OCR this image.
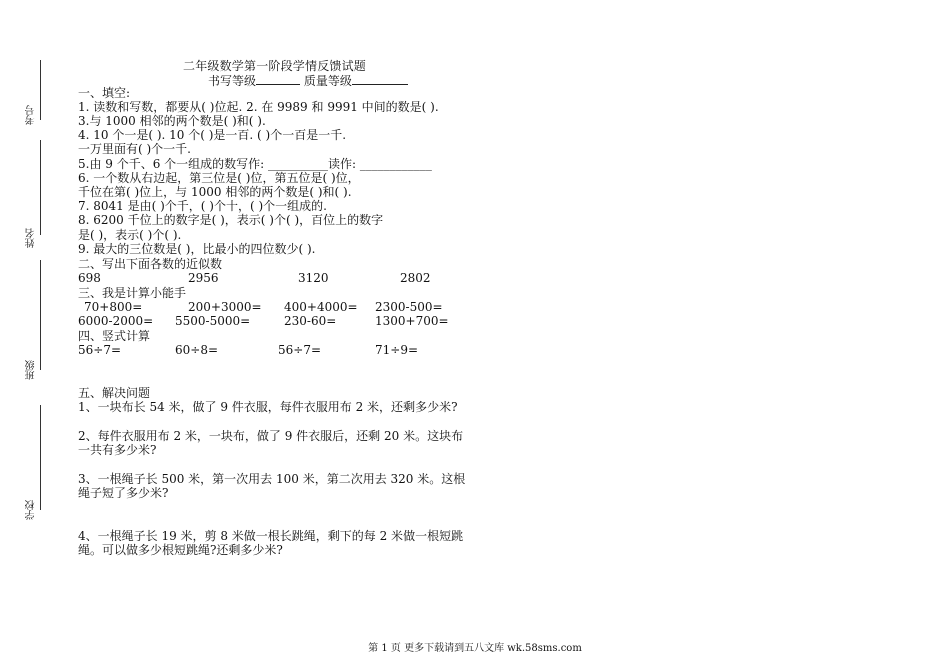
考号
姓名
班级
学校
二年级数学第一阶段学情反馈试题
书写等级	质量等级
一、填空:
1. 读数和写数，都要从( )位起. 2. 在 9989 和 9991 中间的数是( ).
3.与 1000 相邻的两个数是( )和( ).
4. 10 个一是( ). 10 个( )是一百. ( )个一百是一千.
一万里面有( )个一千.
5.由 9 个千、6 个一组成的数写作: __________读作: ____________
6. 一个数从右边起，第三位是( )位，第五位是( )位，
千位在第( )位上，与 1000 相邻的两个数是( )和( ).
7. 8041 是由( )个千，( )个十，( )个一组成的.
8. 6200 千位上的数字是( )，表示( )个( )，百位上的数字
是( )，表示( )个( ).
9. 最大的三位数是( )，比最小的四位数少( ).
二、写出下面各数的近似数
698	2956	3120	2802
三、我是计算小能手
70+800=	200+3000= 400+4000= 2300-500=
6000-2000= 5500-5000=	230-60=	1300+700=
四、竖式计算
56÷7=	60÷8=	56÷7=	71÷9=
五、解决问题
1、一块布长 54 米，做了 9 件衣服，每件衣服用布 2 米，还剩多少米?
2、每件衣服用布 2 米，一块布，做了 9 件衣服后，还剩 20 米。这块布
一共有多少米?
3、一根绳子长 500 米，第一次用去 100 米，第二次用去 320 米。这根
绳子短了多少米?
4、一根绳子长 19 米，剪 8 米做一根长跳绳，剩下的每 2 米做一根短跳
绳。可以做多少根短跳绳?还剩多少米?
第 1 页 更多下载请到五八文库 wk.58sms.com
